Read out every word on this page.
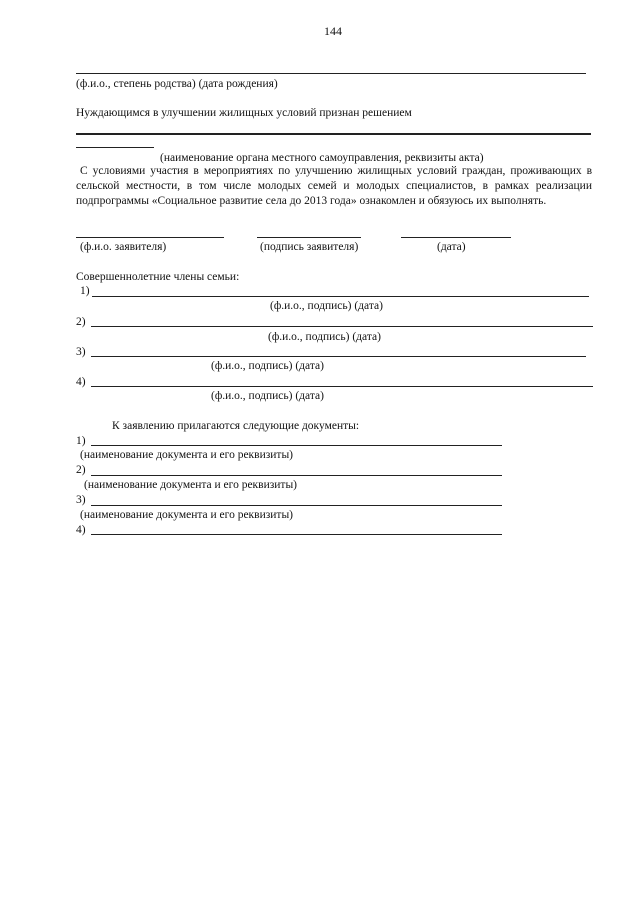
144
(ф.и.о., степень родства) (дата рождения)
Нуждающимся в улучшении жилищных условий признан решением
(наименование органа местного самоуправления, реквизиты акта)
С условиями участия в мероприятиях по улучшению жилищных условий граждан, проживающих в сельской местности, в том числе молодых семей и молодых специалистов, в рамках реализации подпрограммы «Социальное развитие села до 2013 года» ознакомлен и обязуюсь их выполнять.
(ф.и.о. заявителя)	(подпись заявителя)	(дата)
Совершеннолетние члены семьи:
1)
(ф.и.о., подпись) (дата)
2)
(ф.и.о., подпись) (дата)
3)
(ф.и.о., подпись) (дата)
4)
(ф.и.о., подпись) (дата)
К заявлению прилагаются следующие документы:
1)
(наименование документа и его реквизиты)
2)
(наименование документа и его реквизиты)
3)
(наименование документа и его реквизиты)
4)
